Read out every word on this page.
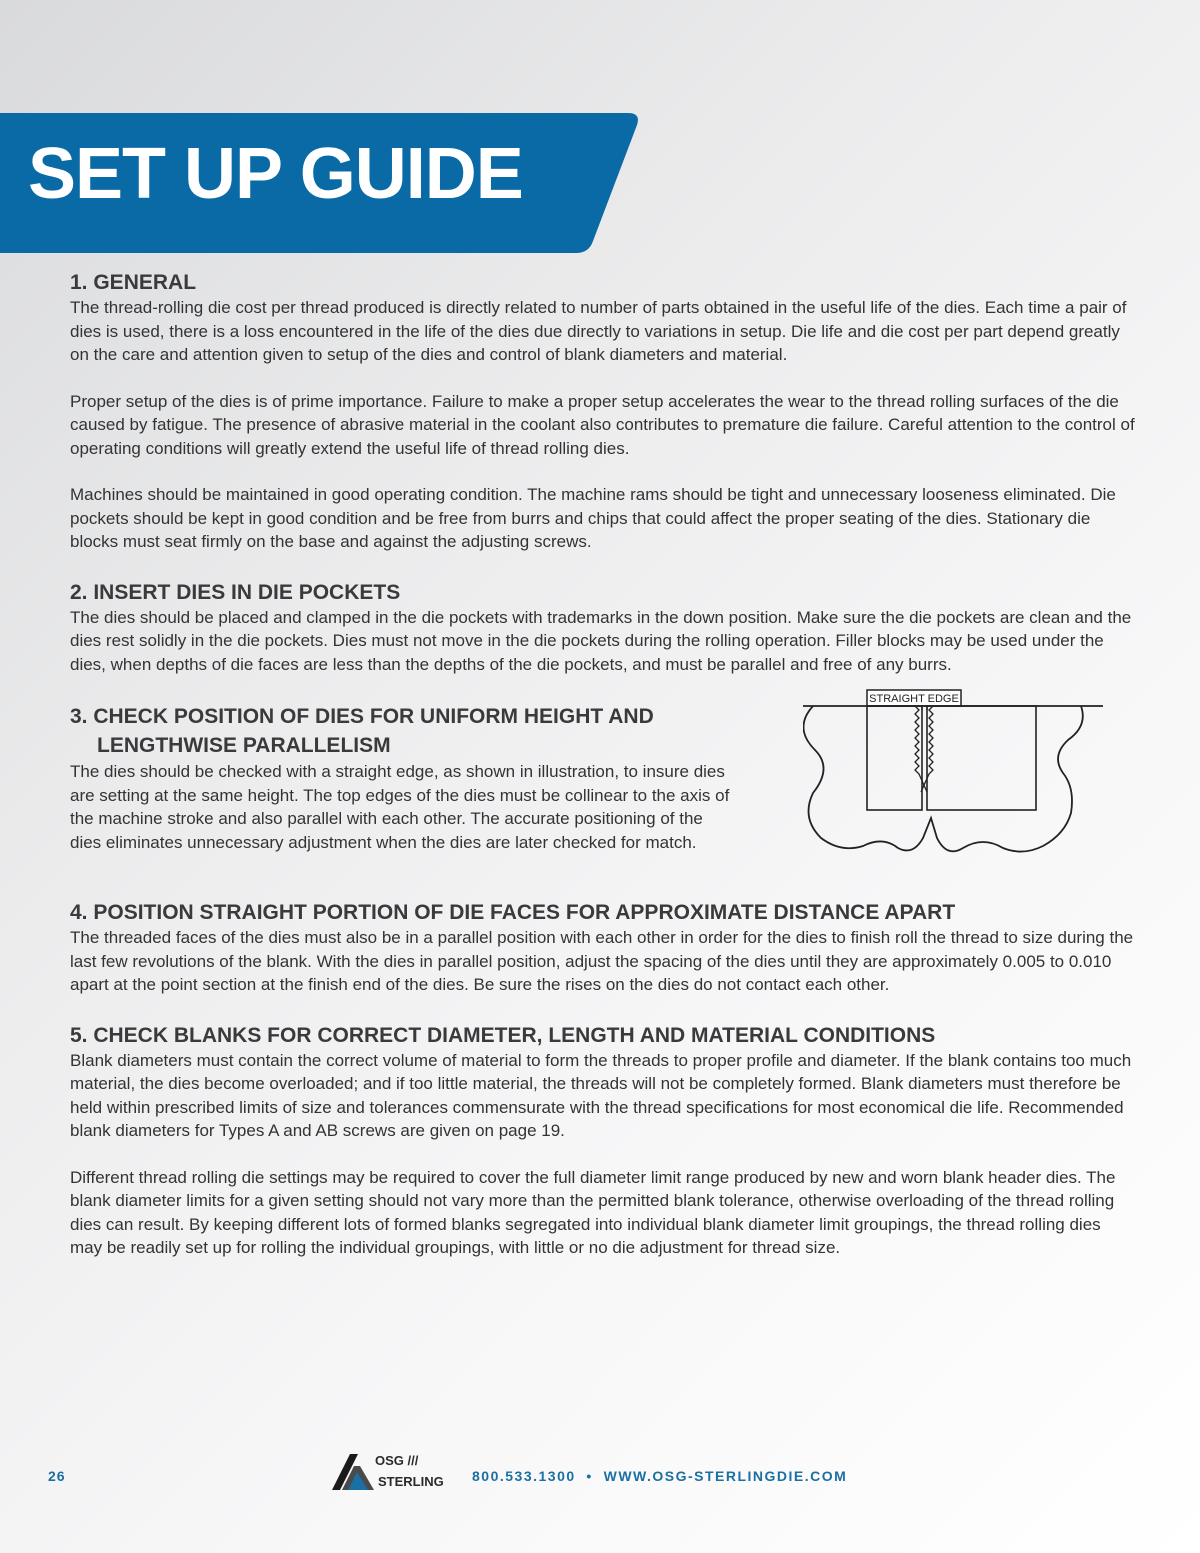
SET UP GUIDE
1. GENERAL

The thread-rolling die cost per thread produced is directly related to number of parts obtained in the useful life of the dies. Each time a pair of dies is used, there is a loss encountered in the life of the dies due directly to variations in setup. Die life and die cost per part depend greatly on the care and attention given to setup of the dies and control of blank diameters and material.

Proper setup of the dies is of prime importance. Failure to make a proper setup accelerates the wear to the thread rolling surfaces of the die caused by fatigue. The presence of abrasive material in the coolant also contributes to premature die failure. Careful attention to the control of operating conditions will greatly extend the useful life of thread rolling dies.

Machines should be maintained in good operating condition. The machine rams should be tight and unnecessary looseness eliminated. Die pockets should be kept in good condition and be free from burrs and chips that could affect the proper seating of the dies. Stationary die blocks must seat firmly on the base and against the adjusting screws.

2. INSERT DIES IN DIE POCKETS

The dies should be placed and clamped in the die pockets with trademarks in the down position. Make sure the die pockets are clean and the dies rest solidly in the die pockets. Dies must not move in the die pockets during the rolling operation. Filler blocks may be used under the dies, when depths of die faces are less than the depths of the die pockets, and must be parallel and free of any burrs.

3. CHECK POSITION OF DIES FOR UNIFORM HEIGHT AND
LENGTHWISE PARALLELISM

The dies should be checked with a straight edge, as shown in illustration, to insure dies are setting at the same height. The top edges of the dies must be collinear to the axis of the machine stroke and also parallel with each other. The accurate positioning of the dies eliminates unnecessary adjustment when the dies are later checked for match.

STRAIGHT EDGE
4. POSITION STRAIGHT PORTION OF DIE FACES FOR APPROXIMATE DISTANCE APART

The threaded faces of the dies must also be in a parallel position with each other in order for the dies to finish roll the thread to size during the last few revolutions of the blank. With the dies in parallel position, adjust the spacing of the dies until they are approximately 0.005 to 0.010 apart at the point section at the finish end of the dies. Be sure the rises on the dies do not contact each other.

5. CHECK BLANKS FOR CORRECT DIAMETER, LENGTH AND MATERIAL CONDITIONS

Blank diameters must contain the correct volume of material to form the threads to proper profile and diameter. If the blank contains too much material, the dies become overloaded; and if too little material, the threads will not be completely formed. Blank diameters must therefore be held within prescribed limits of size and tolerances commensurate with the thread specifications for most economical die life. Recommended blank diameters for Types A and AB screws are given on page 19.

Different thread rolling die settings may be required to cover the full diameter limit range produced by new and worn blank header dies. The blank diameter limits for a given setting should not vary more than the permitted blank tolerance, otherwise overloading of the thread rolling dies can result. By keeping different lots of formed blanks segregated into individual blank diameter limit groupings, the thread rolling dies may be readily set up for rolling the individual groupings, with little or no die adjustment for thread size.

26
OSG ///
STERLING 800.533.1300  •  WWW.OSG-STERLINGDIE.COM
